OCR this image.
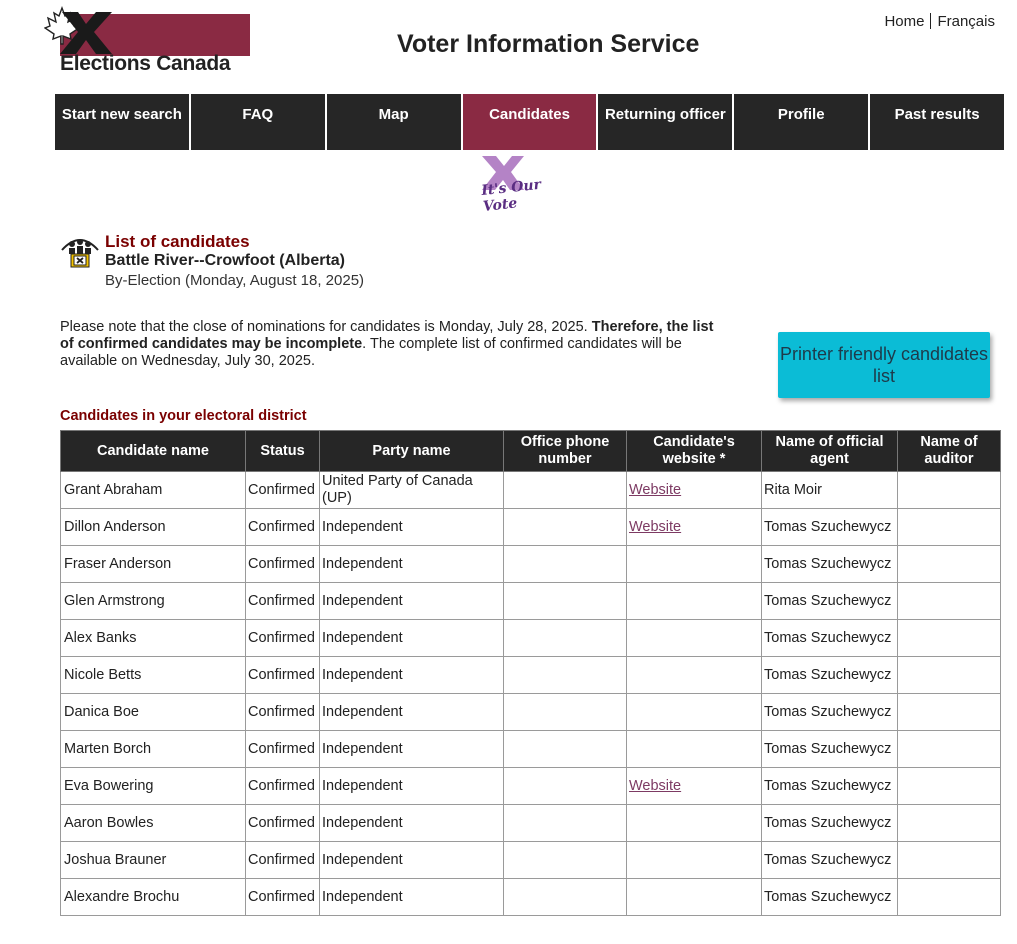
Elections Canada
Voter Information Service
Home Français
Start new search	FAQ	Map	Candidates	Returning officer	Profile	Past results
It's Our Vote
List of candidates
Battle River--Crowfoot (Alberta)
By-Election (Monday, August 18, 2025)
Please note that the close of nominations for candidates is Monday, July 28, 2025. Therefore, the list of confirmed candidates may be incomplete. The complete list of confirmed candidates will be available on Wednesday, July 30, 2025.	Printer friendly candidates list
Candidates in your electoral district
Candidate name	Status	Party name	Office phone number	Candidate's website *	Name of official agent	Name of auditor
Grant Abraham	Confirmed	United Party of Canada (UP)		Website	Rita Moir	
Dillon Anderson	Confirmed	Independent		Website	Tomas Szuchewycz	
Fraser Anderson	Confirmed	Independent			Tomas Szuchewycz	
Glen Armstrong	Confirmed	Independent			Tomas Szuchewycz	
Alex Banks	Confirmed	Independent			Tomas Szuchewycz	
Nicole Betts	Confirmed	Independent			Tomas Szuchewycz	
Danica Boe	Confirmed	Independent			Tomas Szuchewycz	
Marten Borch	Confirmed	Independent			Tomas Szuchewycz	
Eva Bowering	Confirmed	Independent		Website	Tomas Szuchewycz	
Aaron Bowles	Confirmed	Independent			Tomas Szuchewycz	
Joshua Brauner	Confirmed	Independent			Tomas Szuchewycz	
Alexandre Brochu	Confirmed	Independent			Tomas Szuchewycz	
